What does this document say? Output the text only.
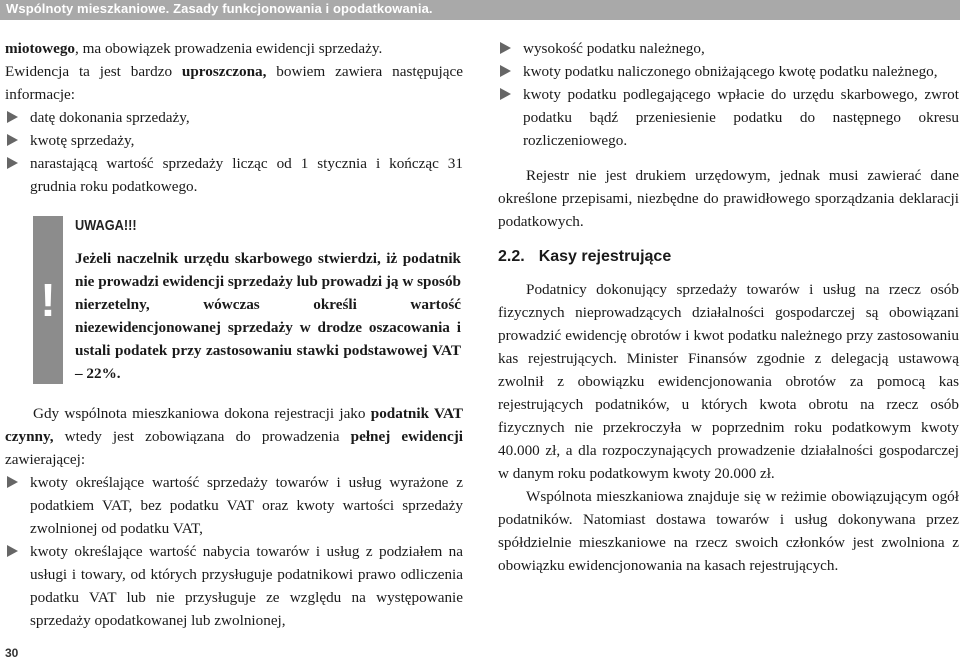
Wspólnoty mieszkaniowe. Zasady funkcjonowania i opodatkowania.

miotowego, ma obowiązek prowadzenia ewidencji sprzedaży.

Ewidencja ta jest bardzo uproszczona, bowiem zawiera następujące informacje:

datę dokonania sprzedaży,
kwotę sprzedaży,
narastającą wartość sprzedaży licząc od 1 stycznia i kończąc 31 grudnia roku podatkowego.
!
UWAGA!!!
Jeżeli naczelnik urzędu skarbowego stwierdzi, iż podatnik nie prowadzi ewidencji sprzedaży lub prowadzi ją w sposób nierzetelny, wówczas określi wartość niezewidencjonowanej sprzedaży w drodze oszacowania i ustali podatek przy zastosowaniu stawki podstawowej VAT – 22%.

Gdy wspólnota mieszkaniowa dokona rejestracji jako podatnik VAT czynny, wtedy jest zobowiązana do prowadzenia pełnej ewidencji zawierającej:

kwoty określające wartość sprzedaży towarów i usług wyrażone z podatkiem VAT, bez podatku VAT oraz kwoty wartości sprzedaży zwolnionej od podatku VAT,
kwoty określające wartość nabycia towarów i usług z podziałem na usługi i towary, od których przysługuje podatnikowi prawo odliczenia podatku VAT lub nie przysługuje ze względu na występowanie sprzedaży opodatkowanej lub zwolnionej,
30
wysokość podatku należnego,
kwoty podatku naliczonego obniżającego kwotę podatku należnego,
kwoty podatku podlegającego wpłacie do urzędu skarbowego, zwrot podatku bądź przeniesienie podatku do następnego okresu rozliczeniowego.

Rejestr nie jest drukiem urzędowym, jednak musi zawierać dane określone przepisami, niezbędne do prawidłowego sporządzania deklaracji podatkowych.

2.2. Kasy rejestrujące

Podatnicy dokonujący sprzedaży towarów i usług na rzecz osób fizycznych nieprowadzących działalności gospodarczej są obowiązani prowadzić ewidencję obrotów i kwot podatku należnego przy zastosowaniu kas rejestrujących. Minister Finansów zgodnie z delegacją ustawową zwolnił z obowiązku ewidencjonowania obrotów za pomocą kas rejestrujących podatników, u których kwota obrotu na rzecz osób fizycznych nie przekroczyła w poprzednim roku podatkowym kwoty 40.000 zł, a dla rozpoczynających prowadzenie działalności gospodarczej w danym roku podatkowym kwoty 20.000 zł.

Wspólnota mieszkaniowa znajduje się w reżimie obowiązującym ogół podatników. Natomiast dostawa towarów i usług dokonywana przez spółdzielnie mieszkaniowe na rzecz swoich członków jest zwolniona z obowiązku ewidencjonowania na kasach rejestrujących.
